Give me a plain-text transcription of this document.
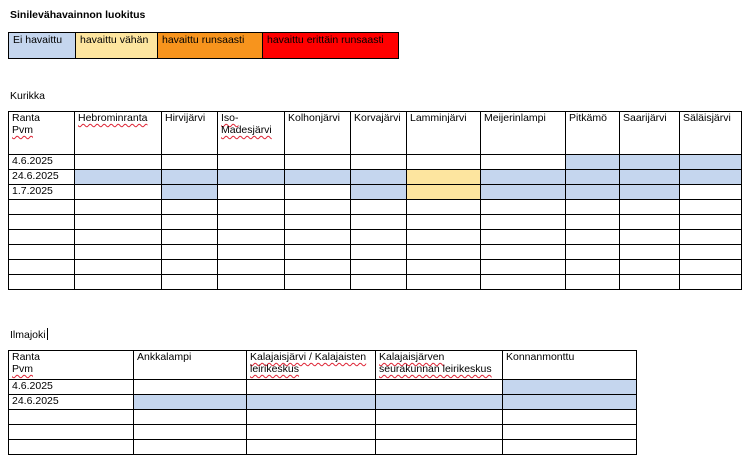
Sinilevähavainnon luokitus
Ei havaittu	havaittu vähän	havaittu runsaasti	havaittu erittäin runsaasti
Kurikka
Ranta
Pvm	Hebrominranta	Hirvijärvi	Iso-Madesjärvi	Kolhonjärvi	Korvajärvi	Lamminjärvi	Meijerinlampi	Pitkämö	Saarijärvi	Säläisjärvi
4.6.2025										
24.6.2025										
1.7.2025										

Ilmajoki
Ranta
Pvm	Ankkalampi	Kalajaisjärvi / Kalajaisten leirikeskus	Kalajaisjärven seurakunnan leirikeskus	Konnanmonttu
4.6.2025				
24.6.2025				
